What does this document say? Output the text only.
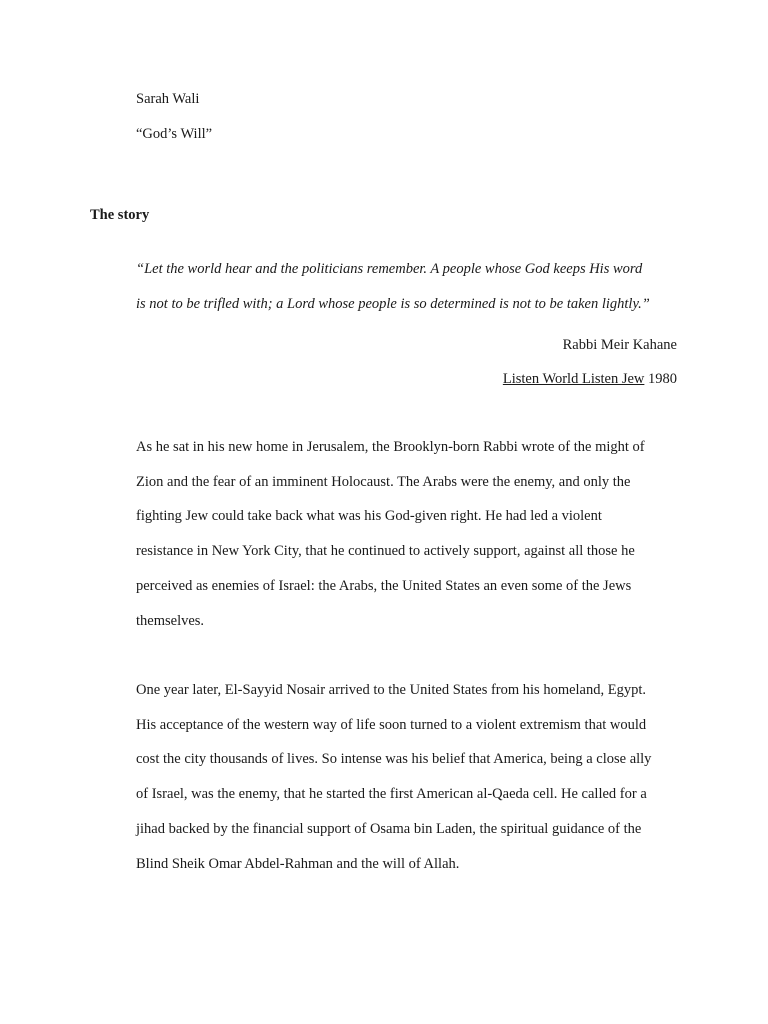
Sarah Wali
“God’s Will”
The story
“Let the world hear and the politicians remember. A people whose God keeps His word
is not to be trifled with; a Lord whose people is so determined is not to be taken lightly.”
Rabbi Meir Kahane
Listen World Listen Jew 1980
As he sat in his new home in Jerusalem, the Brooklyn-born Rabbi wrote of the might of
Zion and the fear of an imminent Holocaust. The Arabs were the enemy, and only the
fighting Jew could take back what was his God-given right. He had led a violent
resistance in New York City, that he continued to actively support, against all those he
perceived as enemies of Israel: the Arabs, the United States an even some of the Jews
themselves.
One year later, El-Sayyid Nosair arrived to the United States from his homeland, Egypt.
His acceptance of the western way of life soon turned to a violent extremism that would
cost the city thousands of lives. So intense was his belief that America, being a close ally
of Israel, was the enemy, that he started the first American al-Qaeda cell. He called for a
jihad backed by the financial support of Osama bin Laden, the spiritual guidance of the
Blind Sheik Omar Abdel-Rahman and the will of Allah.
